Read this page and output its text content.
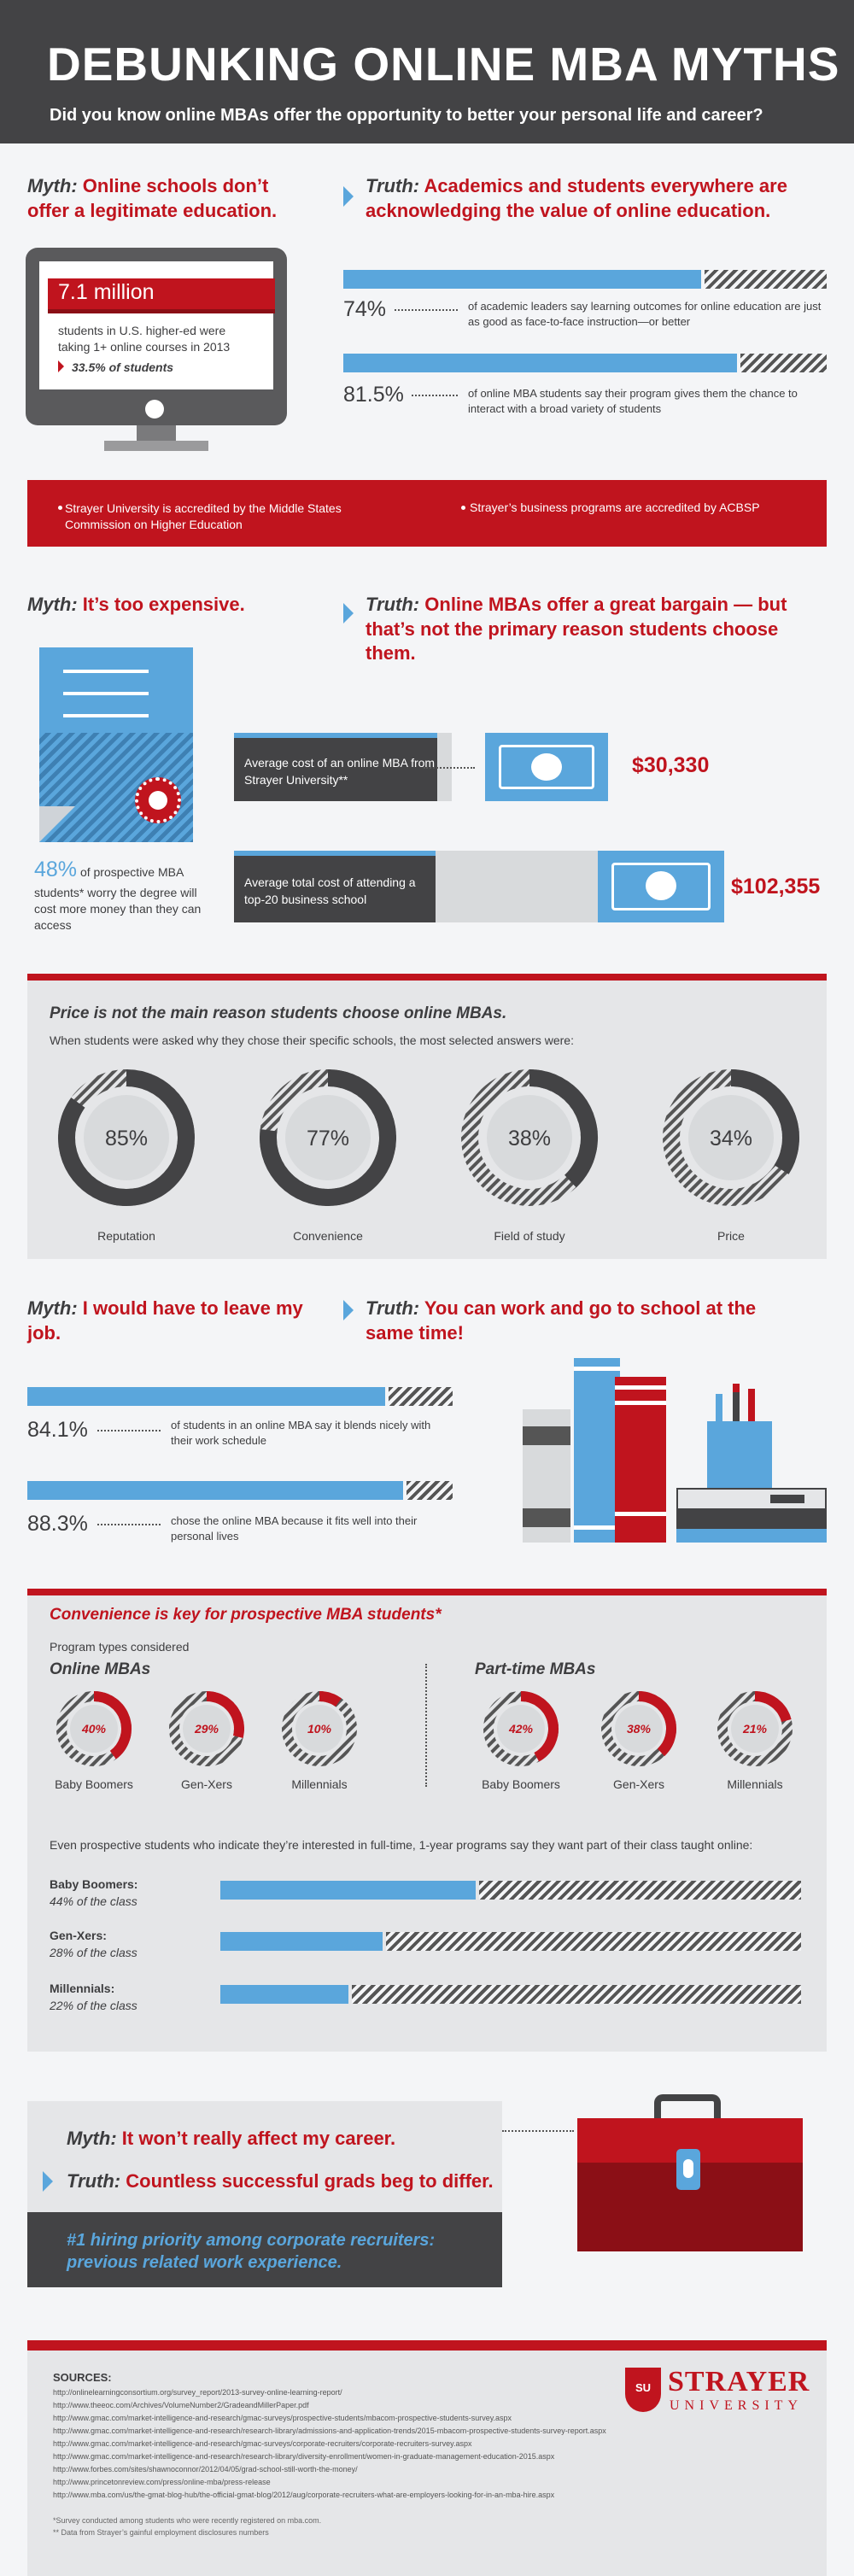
DEBUNKING ONLINE MBA MYTHS
Did you know online MBAs offer the opportunity to better your personal life and career?
Myth: Online schools don’t offer a legitimate education.
Truth: Academics and students everywhere are acknowledging the value of online education.
7.1 million
students in U.S. higher-ed were taking 1+ online courses in 2013
33.5% of students
74%	of academic leaders say learning outcomes for online education are just as good as face-to-face instruction—or better
81.5%	of online MBA students say their program gives them the chance to interact with a broad variety of students
Strayer University is accredited by the Middle States Commission on Higher Education
Strayer’s business programs are accredited by ACBSP
Myth: It’s too expensive.	Truth: Online MBAs offer a great bargain — but that’s not the primary reason students choose them.
48% of prospective MBA students* worry the degree will cost more money than they can access
Average cost of an online MBA from Strayer University**
$30,330
Average total cost of attending a top-20 business school
$102,355
Price is not the main reason students choose online MBAs.
When students were asked why they chose their specific schools, the most selected answers were:
85%
Reputation
77%
Convenience
38%
Field of study
34%
Price
Myth: I would have to leave my job.
Truth: You can work and go to school at the same time!
84.1%	of students in an online MBA say it blends nicely with their work schedule
88.3%	chose the online MBA because it fits well into their personal lives
Convenience is key for prospective MBA students*
Program types considered
Online MBAs	Part-time MBAs
40%
Baby Boomers
29%
Gen-Xers
10%
Millennials
42%
Baby Boomers
38%
Gen-Xers
21%
Millennials
Even prospective students who indicate they’re interested in full-time, 1-year programs say they want part of their class taught online:
Baby Boomers:
44% of the class
Gen-Xers:
28% of the class
Millennials:
22% of the class
Myth: It won’t really affect my career.
Truth: Countless successful grads beg to differ.
#1 hiring priority among corporate recruiters: previous related work experience.
SOURCES:
http://onlinelearningconsortium.org/survey_report/2013-survey-online-learning-report/
http://www.theeoc.com/Archives/VolumeNumber2/GradeandMillerPaper.pdf
http://www.gmac.com/market-intelligence-and-research/gmac-surveys/prospective-students/mbacom-prospective-students-survey.aspx
http://www.gmac.com/market-intelligence-and-research/research-library/admissions-and-application-trends/2015-mbacom-prospective-students-survey-report.aspx
http://www.gmac.com/market-intelligence-and-research/gmac-surveys/corporate-recruiters/corporate-recruiters-survey.aspx
http://www.gmac.com/market-intelligence-and-research/research-library/diversity-enrollment/women-in-graduate-management-education-2015.aspx
http://www.forbes.com/sites/shawnoconnor/2012/04/05/grad-school-still-worth-the-money/
http://www.princetonreview.com/press/online-mba/press-release
http://www.mba.com/us/the-gmat-blog-hub/the-official-gmat-blog/2012/aug/corporate-recruiters-what-are-employers-looking-for-in-an-mba-hire.aspx
*Survey conducted among students who were recently registered on mba.com.
** Data from Strayer’s gainful employment disclosures numbers
SU STRAYER
UNIVERSITY
